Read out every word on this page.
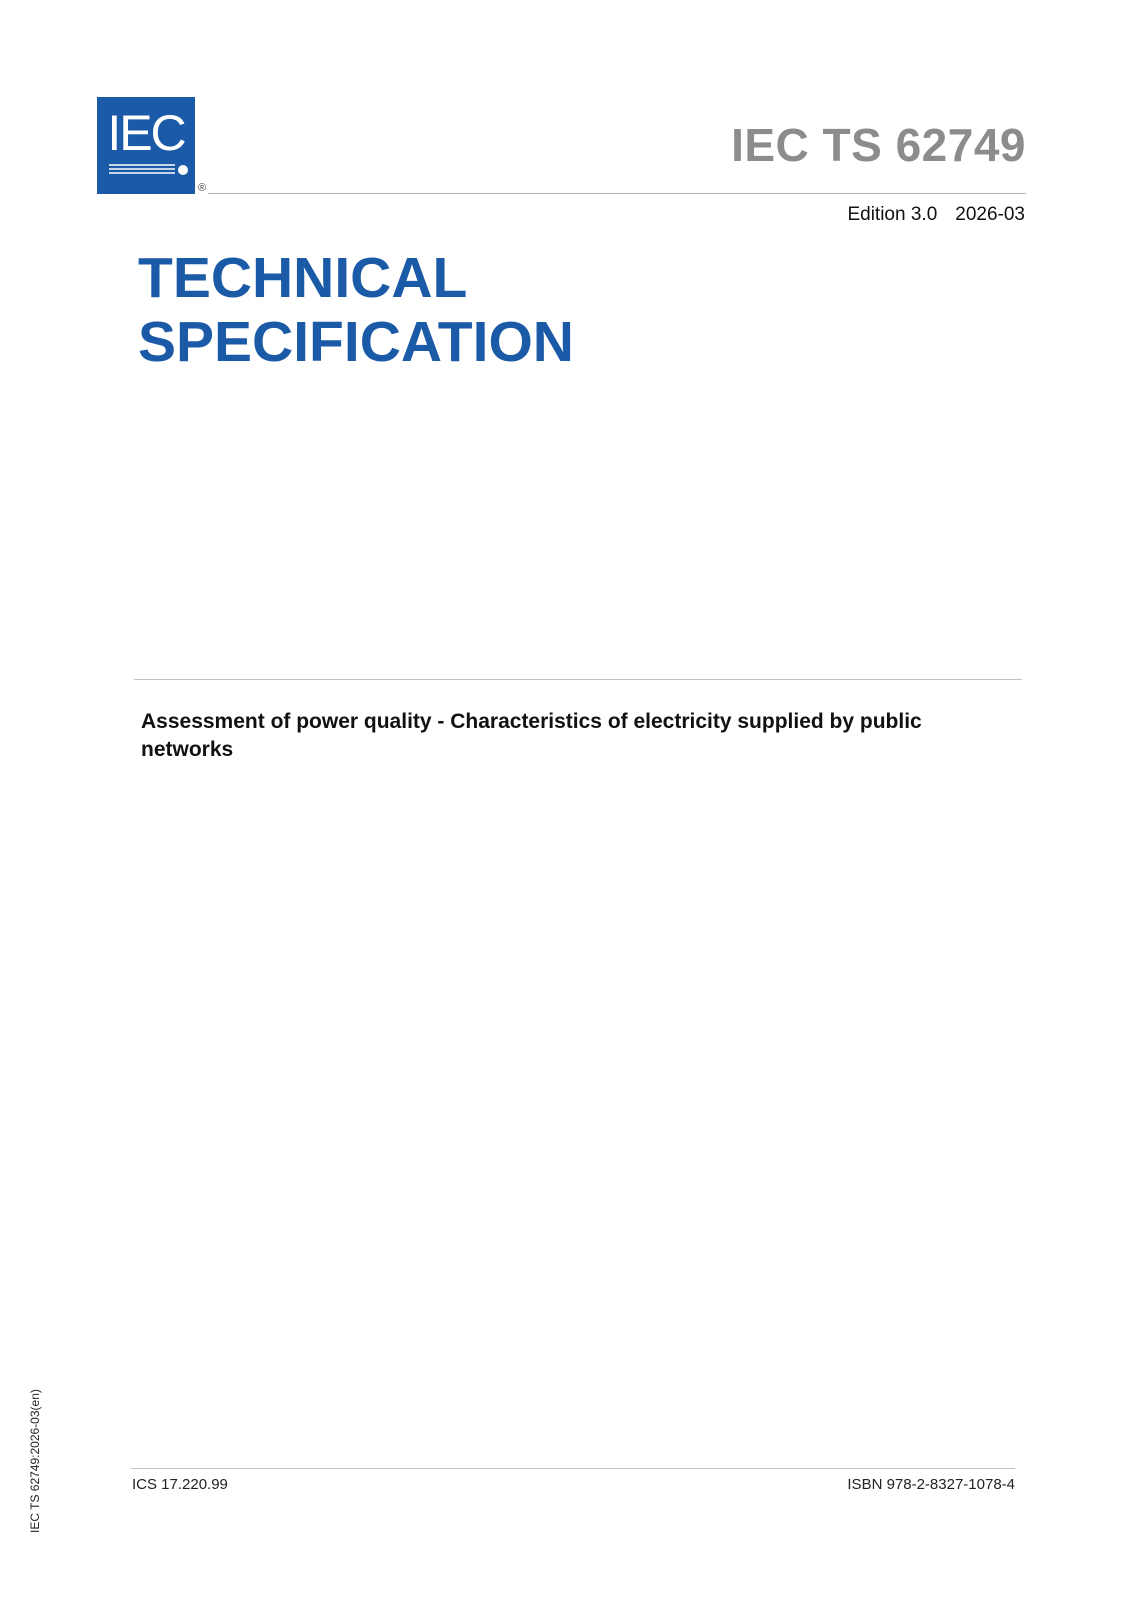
IEC
®
IEC TS 62749
Edition 3.0 2026-03
TECHNICAL
SPECIFICATION
Assessment of power quality - Characteristics of electricity supplied by public
networks
ICS 17.220.99	ISBN 978-2-8327-1078-4
IEC TS 62749:2026-03(en)
